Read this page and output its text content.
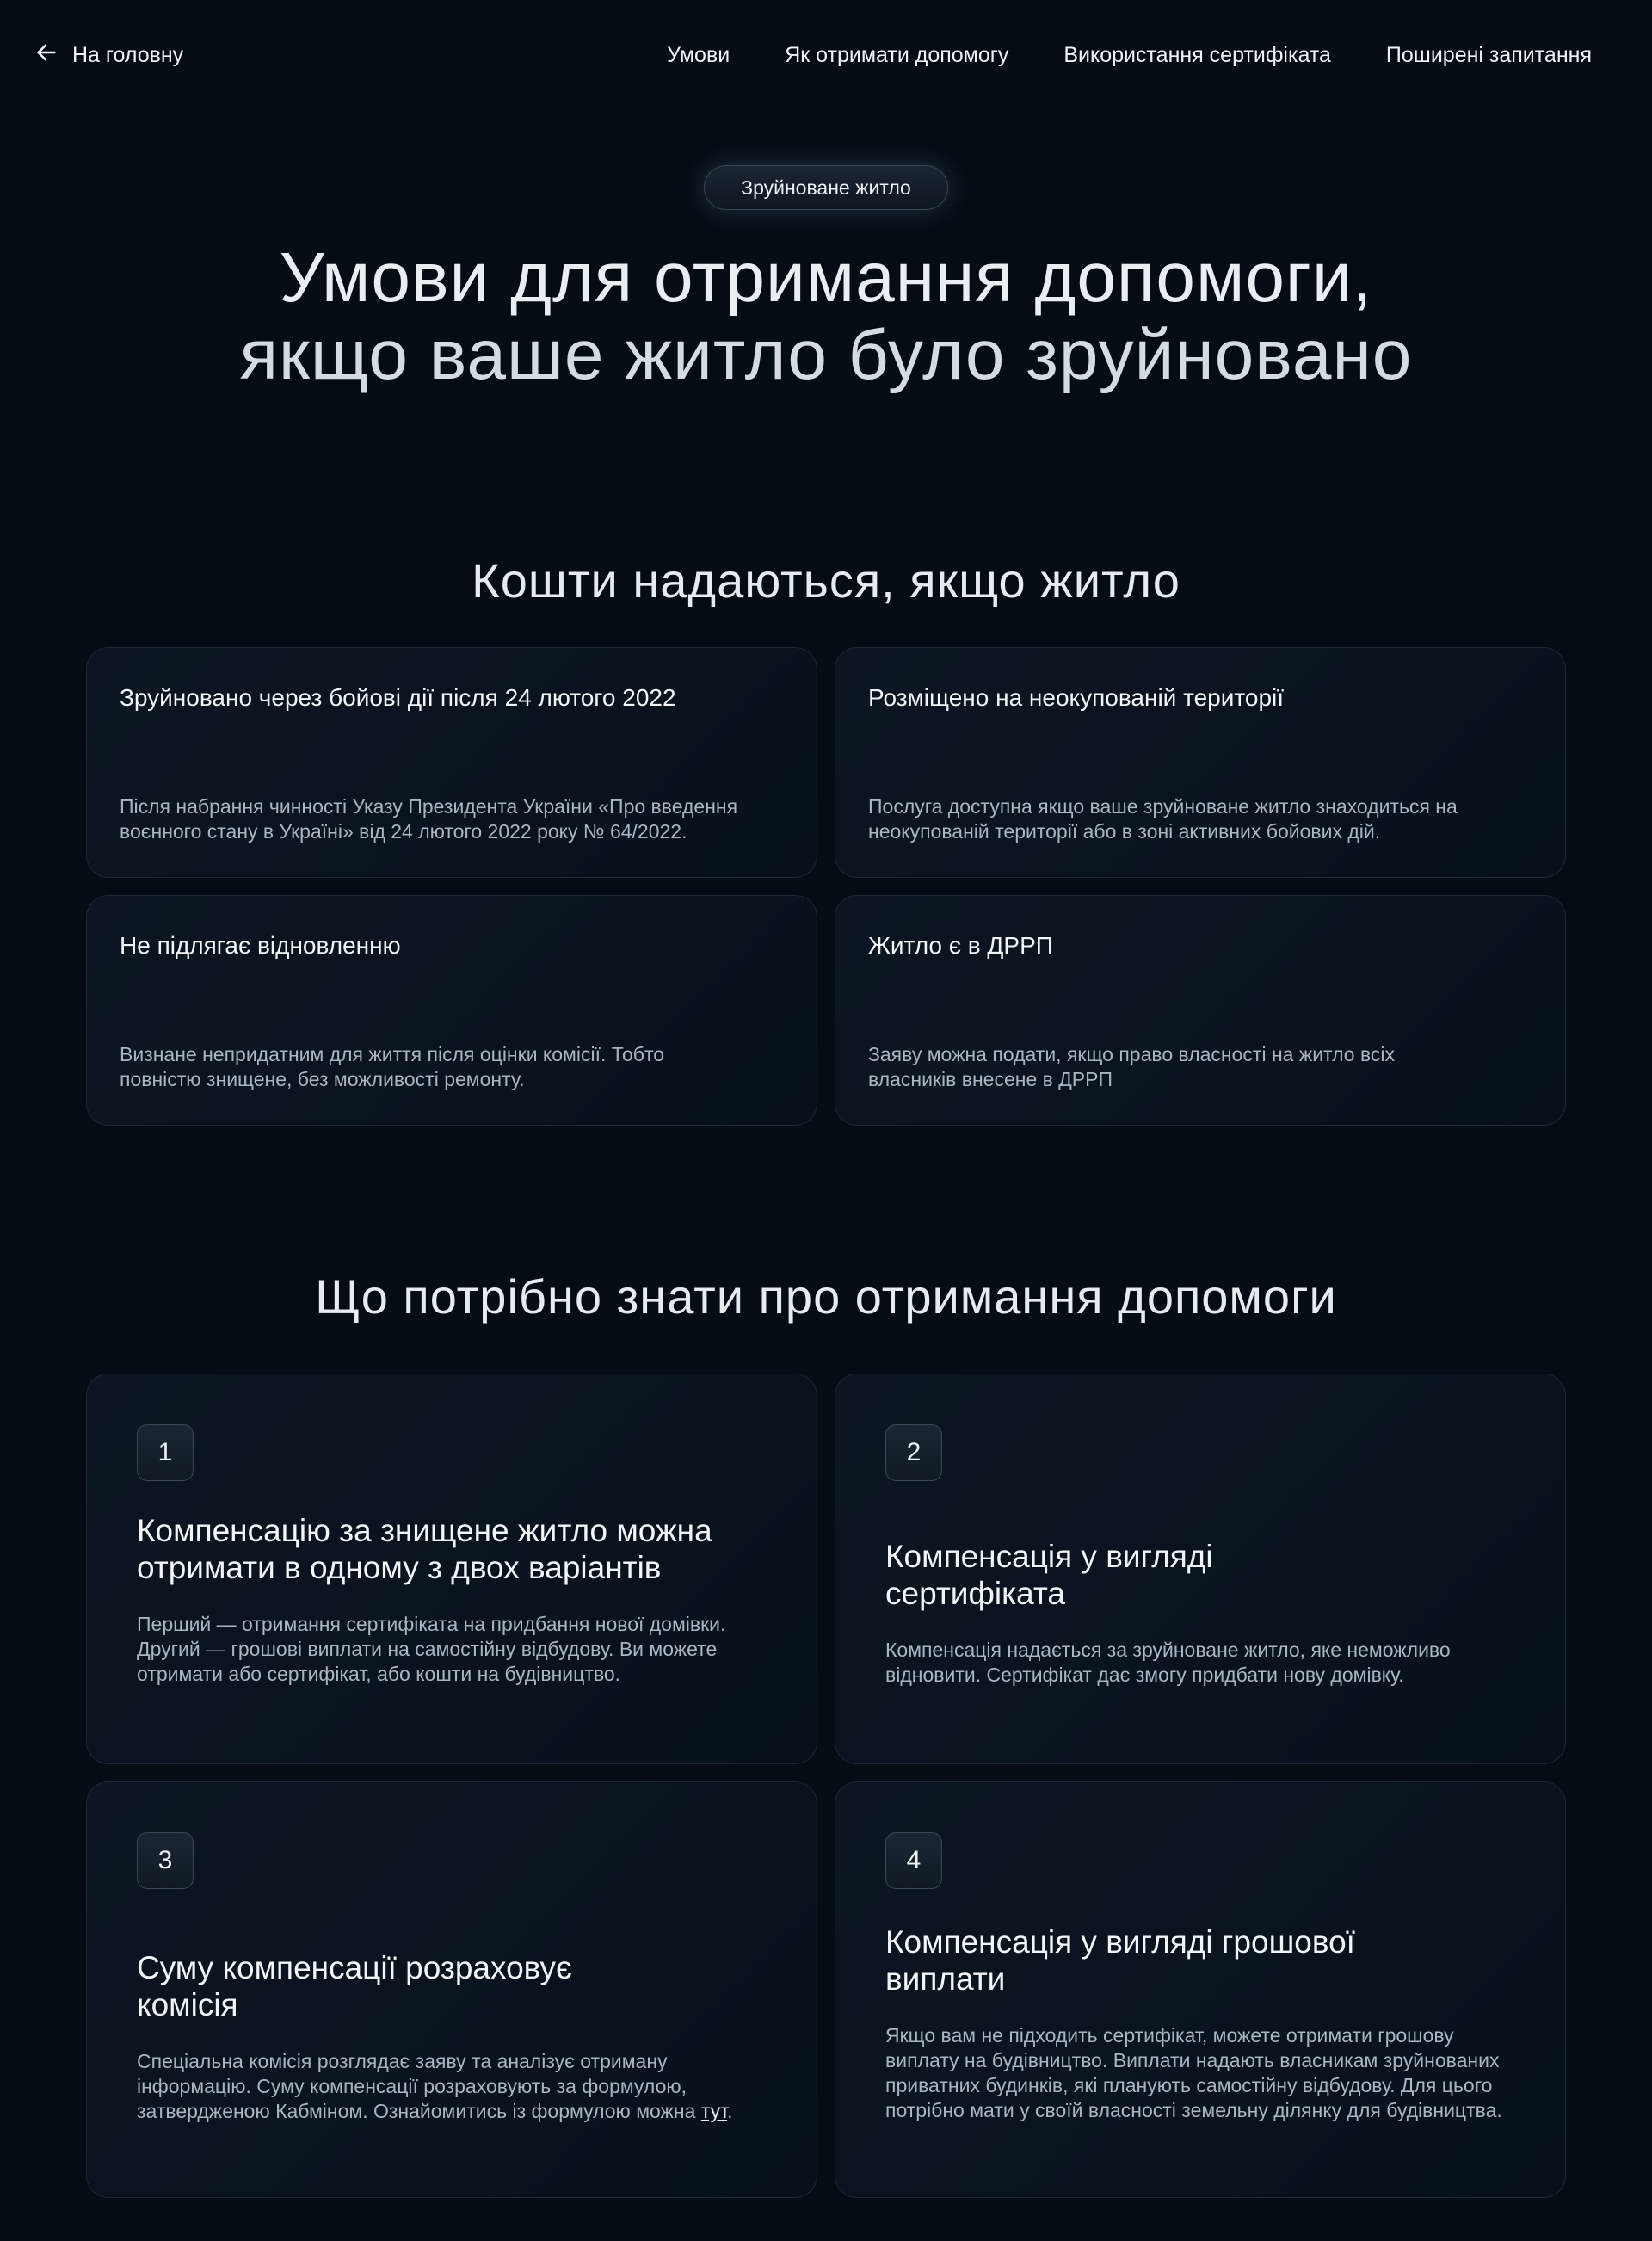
На головну	Умови	Як отримати допомогу	Використання сертифіката	Поширені запитання
Зруйноване житло
Умови для отримання допомоги,
якщо ваше житло було зруйновано
Кошти надаються, якщо житло
Зруйновано через бойові дії після 24 лютого 2022
Після набрання чинності Указу Президента України «Про введення воєнного стану в Україні» від 24 лютого 2022 року № 64/2022.
Розміщено на неокупованій території
Послуга доступна якщо ваше зруйноване житло знаходиться на неокупованій території або в зоні активних бойових дій.
Не підлягає відновленню
Визнане непридатним для життя після оцінки комісії. Тобто повністю знищене, без можливості ремонту.
Житло є в ДРРП
Заяву можна подати, якщо право власності на житло всіх власників внесене в ДРРП
Що потрібно знати про отримання допомоги
1
Компенсацію за знищене житло можна отримати в одному з двох варіантів
Перший — отримання сертифіката на придбання нової домівки. Другий — грошові виплати на самостійну відбудову. Ви можете отримати або сертифікат, або кошти на будівництво.
2
Компенсація у вигляді сертифіката
Компенсація надається за зруйноване житло, яке неможливо відновити. Сертифікат дає змогу придбати нову домівку.
3
Суму компенсації розраховує комісія
Спеціальна комісія розглядає заяву та аналізує отриману інформацію. Суму компенсації розраховують за формулою, затвердженою Кабміном. Ознайомитись із формулою можна тут.
4
Компенсація у вигляді грошової виплати
Якщо вам не підходить сертифікат, можете отримати грошову виплату на будівництво. Виплати надають власникам зруйнованих приватних будинків, які планують самостійну відбудову. Для цього потрібно мати у своїй власності земельну ділянку для будівництва.
